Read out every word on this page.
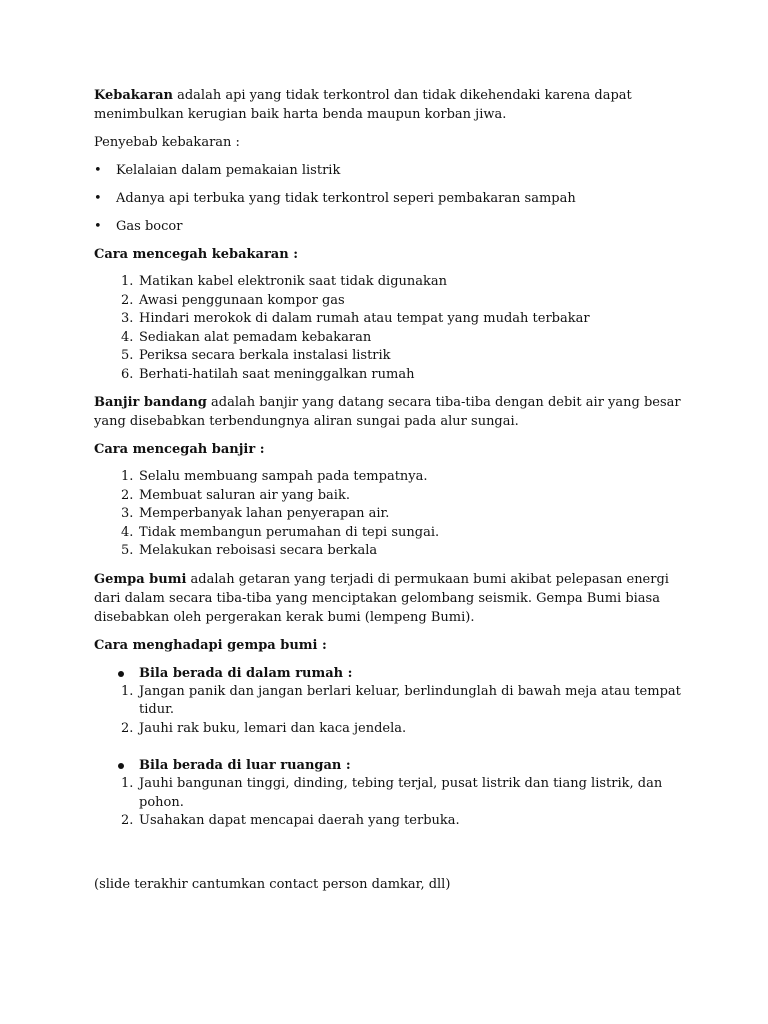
Kebakaran adalah api yang tidak terkontrol dan tidak dikehendaki karena dapat menimbulkan kerugian baik harta benda maupun korban jiwa.

Penyebab kebakaran :

•	Kelalaian dalam pemakaian listrik
•	Adanya api terbuka yang tidak terkontrol seperi pembakaran sampah
•	Gas bocor

Cara mencegah kebakaran :

1. Matikan kabel elektronik saat tidak digunakan
2. Awasi penggunaan kompor gas
3. Hindari merokok di dalam rumah atau tempat yang mudah terbakar
4. Sediakan alat pemadam kebakaran
5. Periksa secara berkala instalasi listrik
6. Berhati-hatilah saat meninggalkan rumah

Banjir bandang adalah banjir yang datang secara tiba-tiba dengan debit air yang besar yang disebabkan terbendungnya aliran sungai pada alur sungai.

Cara mencegah banjir :

1. Selalu membuang sampah pada tempatnya.
2. Membuat saluran air yang baik.
3. Memperbanyak lahan penyerapan air.
4. Tidak membangun perumahan di tepi sungai.
5. Melakukan reboisasi secara berkala

Gempa bumi adalah getaran yang terjadi di permukaan bumi akibat pelepasan energi dari dalam secara tiba-tiba yang menciptakan gelombang seismik. Gempa Bumi biasa disebabkan oleh pergerakan kerak bumi (lempeng Bumi).

Cara menghadapi gempa bumi :

Bila berada di dalam rumah :
1. Jangan panik dan jangan berlari keluar, berlindunglah di bawah meja atau tempat tidur.
2. Jauhi rak buku, lemari dan kaca jendela.
Bila berada di luar ruangan :
1. Jauhi bangunan tinggi, dinding, tebing terjal, pusat listrik dan tiang listrik, dan pohon.
2. Usahakan dapat mencapai daerah yang terbuka.

(slide terakhir cantumkan contact person damkar, dll)
